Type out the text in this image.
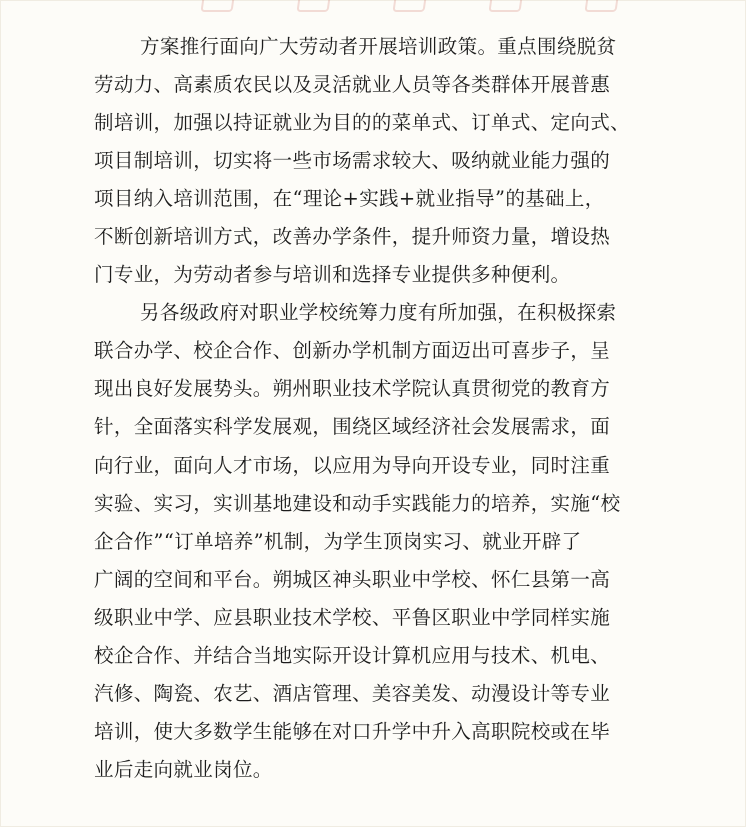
方案推行面向广大劳动者开展培训政策。重点围绕脱贫
劳动力、高素质农民以及灵活就业人员等各类群体开展普惠
制培训，加强以持证就业为目的的菜单式、订单式、定向式、
项目制培训，切实将一些市场需求较大、吸纳就业能力强的
项目纳入培训范围，在“理论+实践+就业指导”的基础上，
不断创新培训方式，改善办学条件，提升师资力量，增设热
门专业，为劳动者参与培训和选择专业提供多种便利。
另各级政府对职业学校统筹力度有所加强，在积极探索
联合办学、校企合作、创新办学机制方面迈出可喜步子，呈
现出良好发展势头。朔州职业技术学院认真贯彻党的教育方
针，全面落实科学发展观，围绕区域经济社会发展需求，面
向行业，面向人才市场，以应用为导向开设专业，同时注重
实验、实习，实训基地建设和动手实践能力的培养，实施“校
企合作”“订单培养”机制，为学生顶岗实习、就业开辟了
广阔的空间和平台。朔城区神头职业中学校、怀仁县第一高
级职业中学、应县职业技术学校、平鲁区职业中学同样实施
校企合作、并结合当地实际开设计算机应用与技术、机电、
汽修、陶瓷、农艺、酒店管理、美容美发、动漫设计等专业
培训，使大多数学生能够在对口升学中升入高职院校或在毕
业后走向就业岗位。
